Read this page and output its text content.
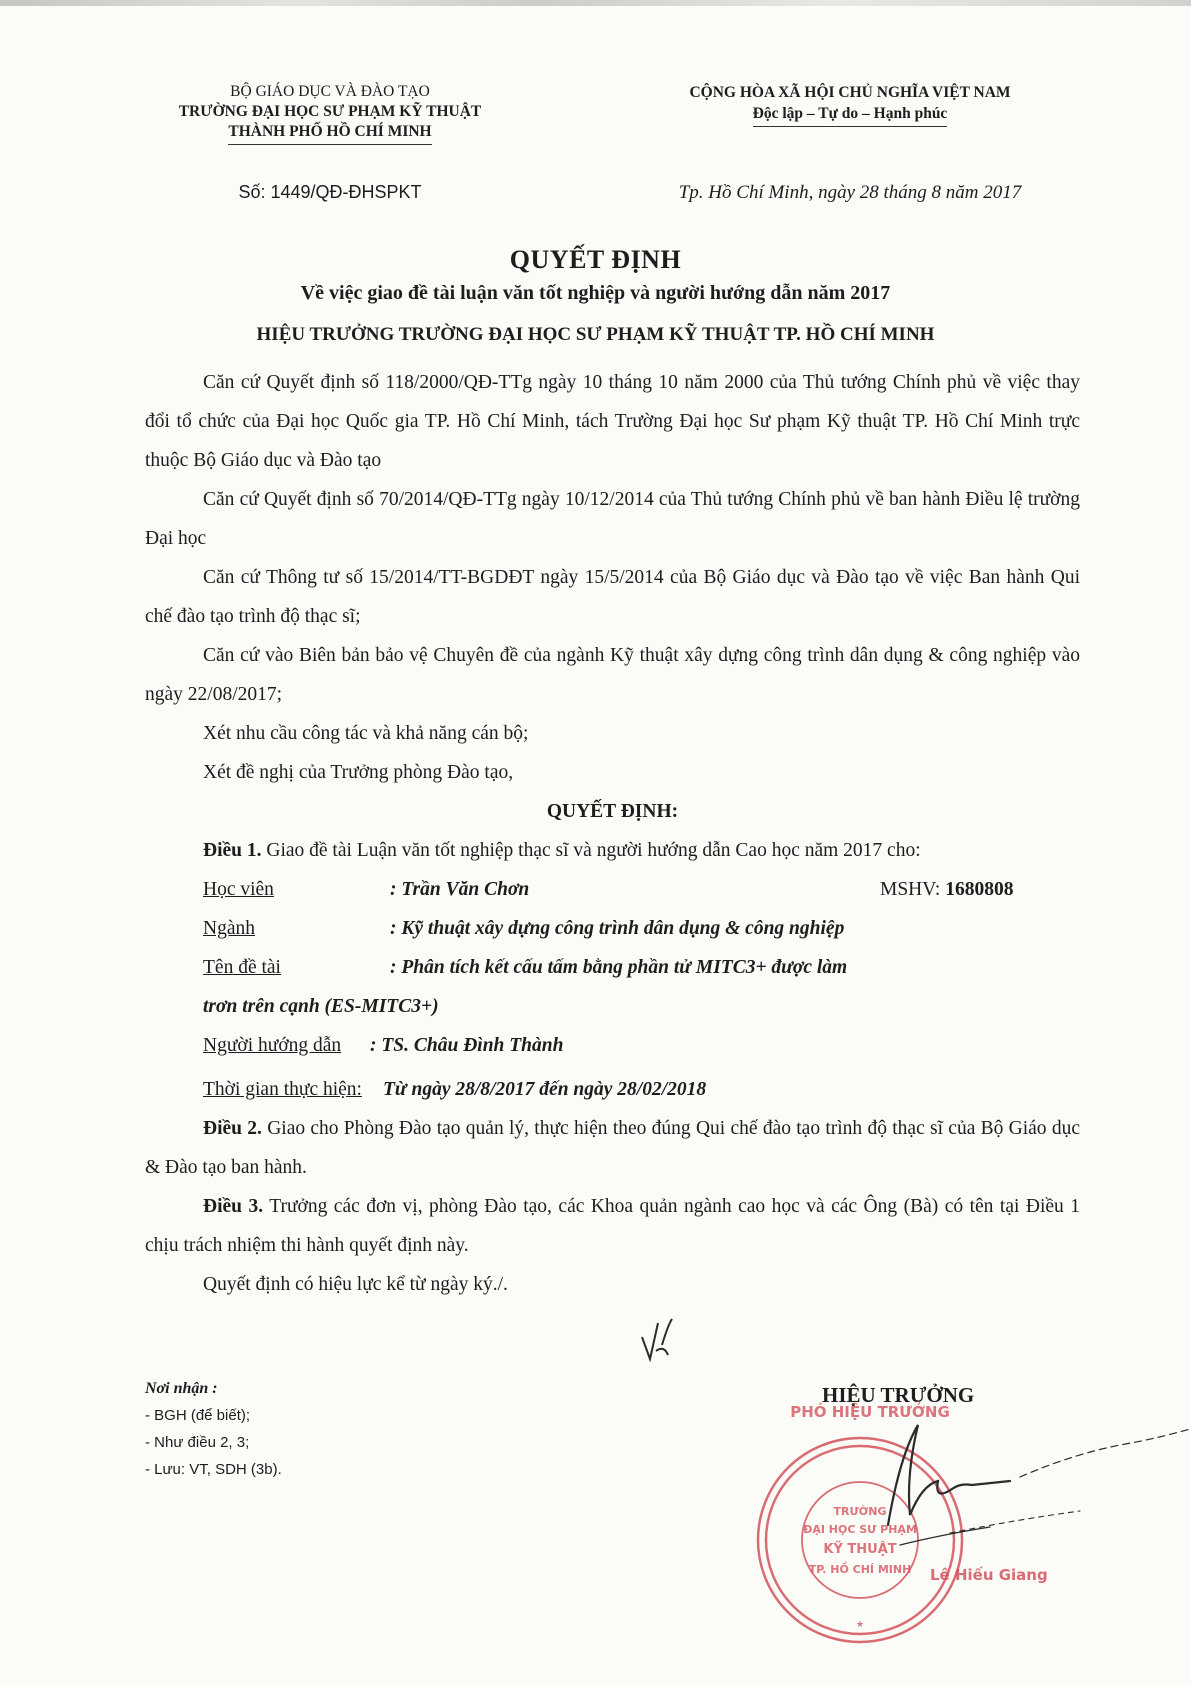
BỘ GIÁO DỤC VÀ ĐÀO TẠO
TRƯỜNG ĐẠI HỌC SƯ PHẠM KỸ THUẬT
THÀNH PHỐ HỒ CHÍ MINH
CỘNG HÒA XÃ HỘI CHỦ NGHĨA VIỆT NAM
Độc lập – Tự do – Hạnh phúc
Số: 1449/QĐ-ĐHSPKT	Tp. Hồ Chí Minh, ngày 28 tháng 8 năm 2017
QUYẾT ĐỊNH
Về việc giao đề tài luận văn tốt nghiệp và người hướng dẫn năm 2017
HIỆU TRƯỞNG TRƯỜNG ĐẠI HỌC SƯ PHẠM KỸ THUẬT TP. HỒ CHÍ MINH

Căn cứ Quyết định số 118/2000/QĐ-TTg ngày 10 tháng 10 năm 2000 của Thủ tướng Chính phủ về việc thay đổi tổ chức của Đại học Quốc gia TP. Hồ Chí Minh, tách Trường Đại học Sư phạm Kỹ thuật TP. Hồ Chí Minh trực thuộc Bộ Giáo dục và Đào tạo

Căn cứ Quyết định số 70/2014/QĐ-TTg ngày 10/12/2014 của Thủ tướng Chính phủ về ban hành Điều lệ trường Đại học

Căn cứ Thông tư số 15/2014/TT-BGDĐT ngày 15/5/2014 của Bộ Giáo dục và Đào tạo về việc Ban hành Qui chế đào tạo trình độ thạc sĩ;

Căn cứ vào Biên bản bảo vệ Chuyên đề của ngành Kỹ thuật xây dựng công trình dân dụng & công nghiệp vào ngày 22/08/2017;

Xét nhu cầu công tác và khả năng cán bộ;

Xét đề nghị của Trưởng phòng Đào tạo,

QUYẾT ĐỊNH:

Điều 1. Giao đề tài Luận văn tốt nghiệp thạc sĩ và người hướng dẫn Cao học năm 2017 cho:

Học viên	: Trần Văn Chơn	MSHV: 1680808
Ngành	: Kỹ thuật xây dựng công trình dân dụng & công nghiệp
Tên đề tài	: Phân tích kết cấu tấm bằng phần tử MITC3+ được làm
trơn trên cạnh (ES-MITC3+)
Người hướng dẫn : TS. Châu Đình Thành
Thời gian thực hiện: Từ ngày 28/8/2017 đến ngày 28/02/2018

Điều 2. Giao cho Phòng Đào tạo quản lý, thực hiện theo đúng Qui chế đào tạo trình độ thạc sĩ của Bộ Giáo dục & Đào tạo ban hành.

Điều 3. Trưởng các đơn vị, phòng Đào tạo, các Khoa quản ngành cao học và các Ông (Bà) có tên tại Điều 1 chịu trách nhiệm thi hành quyết định này.

Quyết định có hiệu lực kể từ ngày ký./.

Nơi nhận :
- BGH (để biết);
- Như điều 2, 3;
- Lưu: VT, SDH (3b).
HIỆU TRƯỞNG
PHÓ HIỆU TRƯỞNG
TRƯỜNG
ĐẠI HỌC SƯ PHẠM
KỸ THUẬT
TP. HỒ CHÍ MINH
★
Lê Hiếu Giang
